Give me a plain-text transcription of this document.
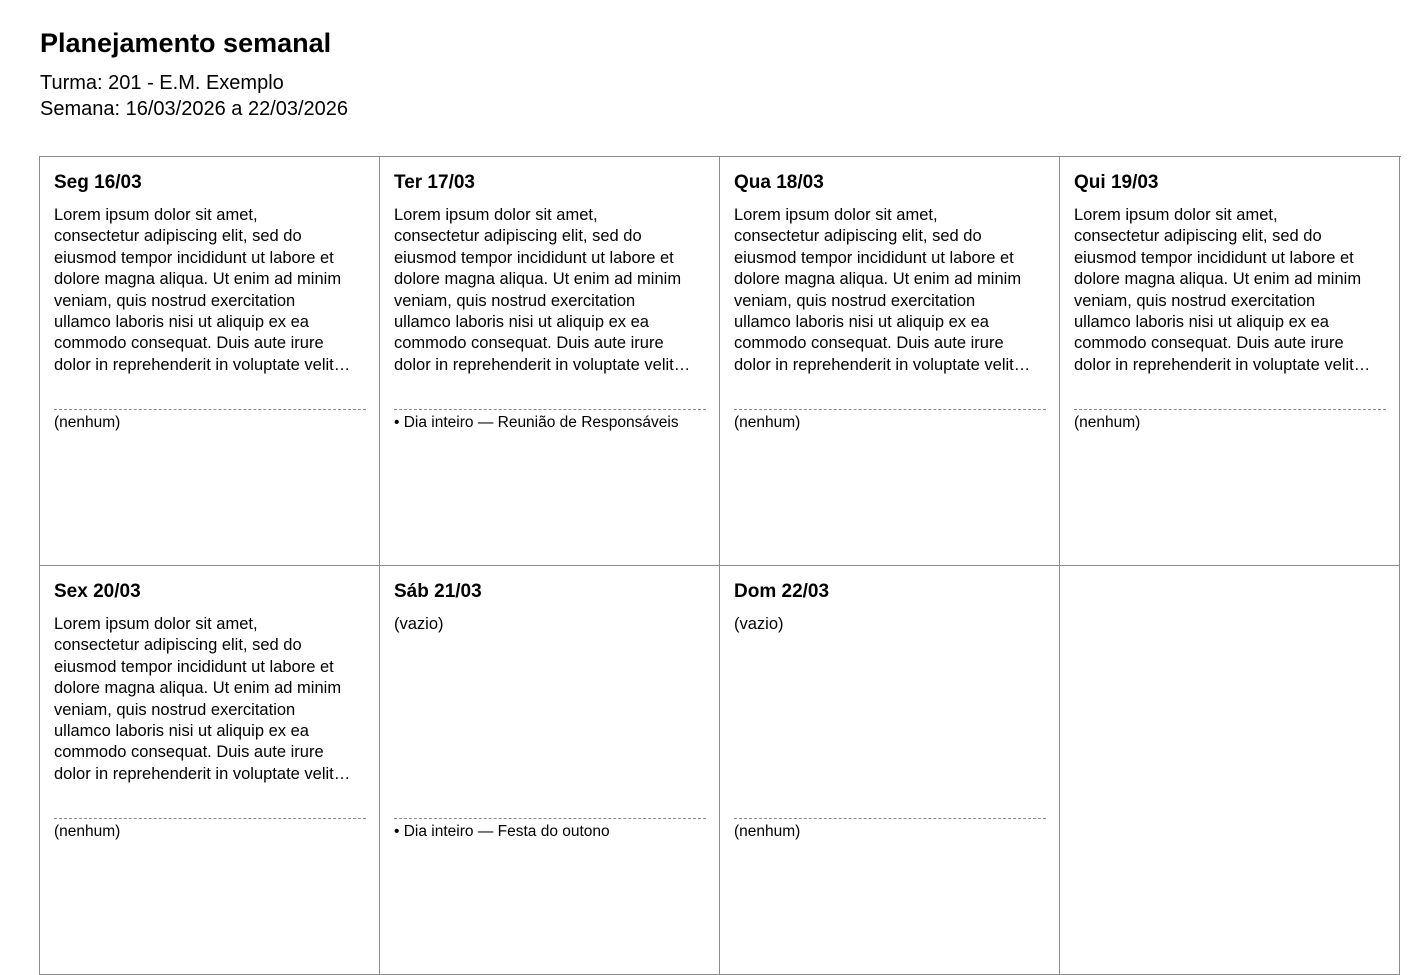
Planejamento semanal
Turma: 201 - E.M. Exemplo
Semana: 16/03/2026 a 22/03/2026
Seg 16/03
Lorem ipsum dolor sit amet,
consectetur adipiscing elit, sed do
eiusmod tempor incididunt ut labore et
dolore magna aliqua. Ut enim ad minim
veniam, quis nostrud exercitation
ullamco laboris nisi ut aliquip ex ea
commodo consequat. Duis aute irure
dolor in reprehenderit in voluptate velit…
(nenhum)
Ter 17/03
Lorem ipsum dolor sit amet,
consectetur adipiscing elit, sed do
eiusmod tempor incididunt ut labore et
dolore magna aliqua. Ut enim ad minim
veniam, quis nostrud exercitation
ullamco laboris nisi ut aliquip ex ea
commodo consequat. Duis aute irure
dolor in reprehenderit in voluptate velit…
• Dia inteiro — Reunião de Responsáveis
Qua 18/03
Lorem ipsum dolor sit amet,
consectetur adipiscing elit, sed do
eiusmod tempor incididunt ut labore et
dolore magna aliqua. Ut enim ad minim
veniam, quis nostrud exercitation
ullamco laboris nisi ut aliquip ex ea
commodo consequat. Duis aute irure
dolor in reprehenderit in voluptate velit…
(nenhum)
Qui 19/03
Lorem ipsum dolor sit amet,
consectetur adipiscing elit, sed do
eiusmod tempor incididunt ut labore et
dolore magna aliqua. Ut enim ad minim
veniam, quis nostrud exercitation
ullamco laboris nisi ut aliquip ex ea
commodo consequat. Duis aute irure
dolor in reprehenderit in voluptate velit…
(nenhum)
Sex 20/03
Lorem ipsum dolor sit amet,
consectetur adipiscing elit, sed do
eiusmod tempor incididunt ut labore et
dolore magna aliqua. Ut enim ad minim
veniam, quis nostrud exercitation
ullamco laboris nisi ut aliquip ex ea
commodo consequat. Duis aute irure
dolor in reprehenderit in voluptate velit…
(nenhum)
Sáb 21/03
(vazio)
• Dia inteiro — Festa do outono
Dom 22/03
(vazio)
(nenhum)
